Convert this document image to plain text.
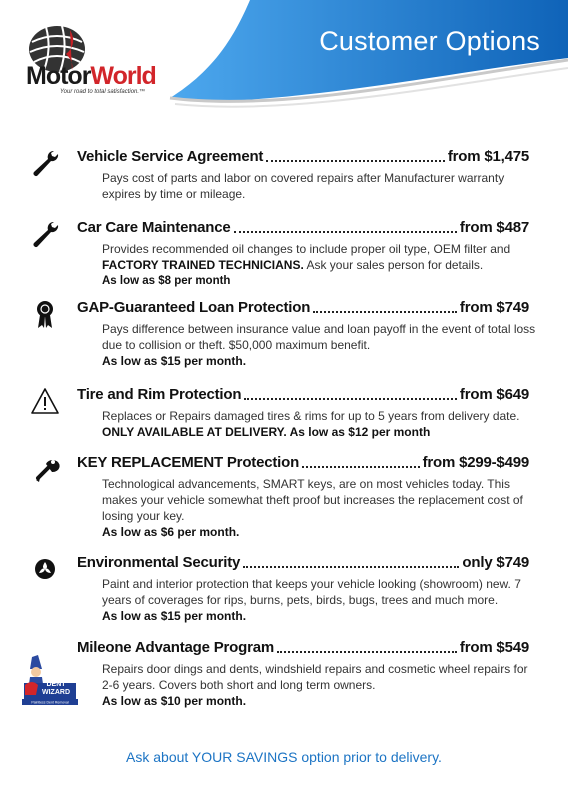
Customer Options
MotorWorld
Your road to total satisfaction.™
Vehicle Service Agreement	from $1,475
Pays cost of parts and labor on covered repairs after Manufacturer warranty expires by time or mileage.
Car Care Maintenance	from $487
Provides recommended oil changes to include proper oil type, OEM filter and FACTORY TRAINED TECHNICIANS. Ask your sales person for details.
As low as $8 per month
GAP-Guaranteed Loan Protection	from $749
Pays difference between insurance value and loan payoff in the event of total loss due to collision or theft. $50,000 maximum benefit.
As low as $15 per month.
Tire and Rim Protection	from $649
Replaces or Repairs damaged tires & rims for up to 5 years from delivery date. ONLY AVAILABLE AT DELIVERY. As low as $12 per month
KEY REPLACEMENT Protection	from $299-$499
Technological advancements, SMART keys, are on most vehicles today. This makes your vehicle somewhat theft proof but increases the replacement cost of losing your key.
As low as $6 per month.
Environmental Security	only $749
Paint and interior protection that keeps your vehicle looking (showroom) new. 7 years of coverages for rips, burns, pets, birds, bugs, trees and much more.
As low as $15 per month.
Mileone Advantage Program	from $549
Repairs door dings and dents, windshield repairs and cosmetic wheel repairs for 2-6 years. Covers both short and long term owners.
As low as $10 per month.
DENT
WIZARD
Paintless Dent Removal
Ask about YOUR SAVINGS option prior to delivery.
